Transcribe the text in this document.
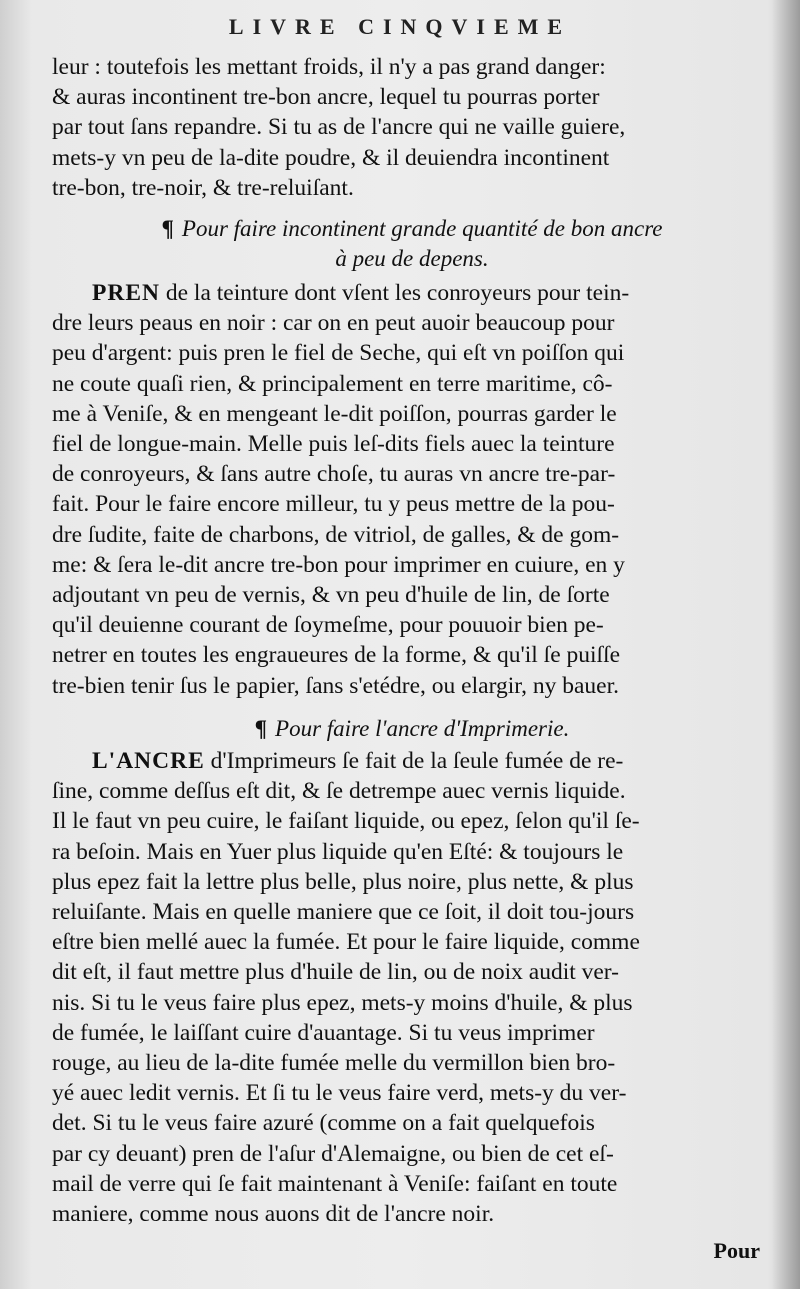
LIVRE CINQVIEME
leur : toutefois les mettant froids, il n'y a pas grand danger:
& auras incontinent tre-bon ancre, lequel tu pourras porter
par tout ſans repandre. Si tu as de l'ancre qui ne vaille guiere,
mets-y vn peu de la-dite poudre, & il deuiendra incontinent
tre-bon, tre-noir, & tre-reluiſant.
¶ Pour faire incontinent grande quantité de bon ancre
à peu de depens.
PREN de la teinture dont vſent les conroyeurs pour tein-
dre leurs peaus en noir : car on en peut auoir beaucoup pour
peu d'argent: puis pren le fiel de Seche, qui eſt vn poiſſon qui
ne coute quaſi rien, & principalement en terre maritime, cô-
me à Veniſe, & en mengeant le-dit poiſſon, pourras garder le
fiel de longue-main. Melle puis leſ-dits fiels auec la teinture
de conroyeurs, & ſans autre choſe, tu auras vn ancre tre-par-
fait. Pour le faire encore milleur, tu y peus mettre de la pou-
dre ſudite, faite de charbons, de vitriol, de galles, & de gom-
me: & ſera le-dit ancre tre-bon pour imprimer en cuiure, en y
adjoutant vn peu de vernis, & vn peu d'huile de lin, de ſorte
qu'il deuienne courant de ſoymeſme, pour pouuoir bien pe-
netrer en toutes les engraueures de la forme, & qu'il ſe puiſſe
tre-bien tenir ſus le papier, ſans s'etédre, ou elargir, ny bauer.
¶ Pour faire l'ancre d'Imprimerie.
L'ANCRE d'Imprimeurs ſe fait de la ſeule fumée de re-
ſine, comme deſſus eſt dit, & ſe detrempe auec vernis liquide.
Il le faut vn peu cuire, le faiſant liquide, ou epez, ſelon qu'il ſe-
ra beſoin. Mais en Yuer plus liquide qu'en Eſté: & toujours le
plus epez fait la lettre plus belle, plus noire, plus nette, & plus
reluiſante. Mais en quelle maniere que ce ſoit, il doit tou-jours
eſtre bien mellé auec la fumée. Et pour le faire liquide, comme
dit eſt, il faut mettre plus d'huile de lin, ou de noix audit ver-
nis. Si tu le veus faire plus epez, mets-y moins d'huile, & plus
de fumée, le laiſſant cuire d'auantage. Si tu veus imprimer
rouge, au lieu de la-dite fumée melle du vermillon bien bro-
yé auec ledit vernis. Et ſi tu le veus faire verd, mets-y du ver-
det. Si tu le veus faire azuré (comme on a fait quelquefois
par cy deuant) pren de l'aſur d'Alemaigne, ou bien de cet eſ-
mail de verre qui ſe fait maintenant à Veniſe: faiſant en toute
maniere, comme nous auons dit de l'ancre noir.
Pour
